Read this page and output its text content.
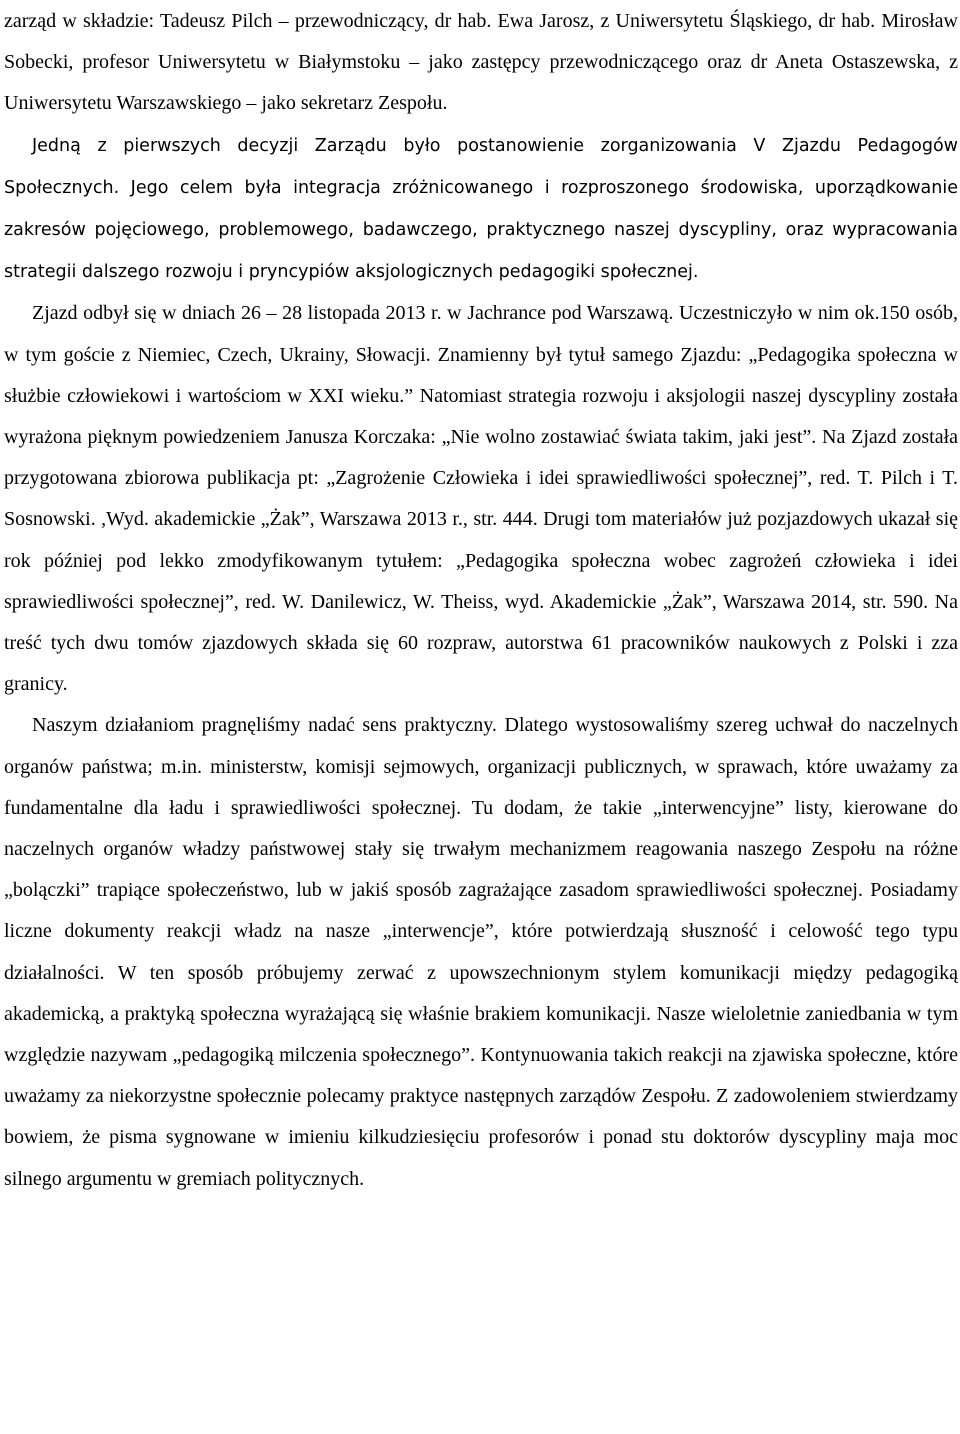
zarząd w składzie: Tadeusz Pilch – przewodniczący, dr hab. Ewa Jarosz, z Uniwersytetu Śląskiego, dr hab. Mirosław Sobecki, profesor Uniwersytetu w Białymstoku – jako zastępcy przewodniczącego oraz dr Aneta Ostaszewska, z Uniwersytetu Warszawskiego – jako sekretarz Zespołu.

Jedną z pierwszych decyzji Zarządu było postanowienie zorganizowania V Zjazdu Pedagogów Społecznych. Jego celem była integracja zróżnicowanego i rozproszonego środowiska, uporządkowanie zakresów pojęciowego, problemowego, badawczego, praktycznego naszej dyscypliny, oraz wypracowania strategii dalszego rozwoju i pryncypiów aksjologicznych pedagogiki społecznej.

Zjazd odbył się w dniach 26 – 28 listopada 2013 r. w Jachrance pod Warszawą. Uczestniczyło w nim ok.150 osób, w tym goście z Niemiec, Czech, Ukrainy, Słowacji. Znamienny był tytuł samego Zjazdu: „Pedagogika społeczna w służbie człowiekowi i wartościom w XXI wieku.” Natomiast strategia rozwoju i aksjologii naszej dyscypliny została wyrażona pięknym powiedzeniem Janusza Korczaka: „Nie wolno zostawiać świata takim, jaki jest”. Na Zjazd została przygotowana zbiorowa publikacja pt: „Zagrożenie Człowieka i idei sprawiedliwości społecznej”, red. T. Pilch i T. Sosnowski. ,Wyd. akademickie „Żak”, Warszawa 2013 r., str. 444. Drugi tom materiałów już pozjazdowych ukazał się rok później pod lekko zmodyfikowanym tytułem: „Pedagogika społeczna wobec zagrożeń człowieka i idei sprawiedliwości społecznej”, red. W. Danilewicz, W. Theiss, wyd. Akademickie „Żak”, Warszawa 2014, str. 590. Na treść tych dwu tomów zjazdowych składa się 60 rozpraw, autorstwa 61 pracowników naukowych z Polski i zza granicy.

Naszym działaniom pragnęliśmy nadać sens praktyczny. Dlatego wystosowaliśmy szereg uchwał do naczelnych organów państwa; m.in. ministerstw, komisji sejmowych, organizacji publicznych, w sprawach, które uważamy za fundamentalne dla ładu i sprawiedliwości społecznej. Tu dodam, że takie „interwencyjne” listy, kierowane do naczelnych organów władzy państwowej stały się trwałym mechanizmem reagowania naszego Zespołu na różne „bolączki” trapiące społeczeństwo, lub w jakiś sposób zagrażające zasadom sprawiedliwości społecznej. Posiadamy liczne dokumenty reakcji władz na nasze „interwencje”, które potwierdzają słuszność i celowość tego typu działalności. W ten sposób próbujemy zerwać z upowszechnionym stylem komunikacji między pedagogiką akademicką, a praktyką społeczna wyrażającą się właśnie brakiem komunikacji. Nasze wieloletnie zaniedbania w tym względzie nazywam „pedagogiką milczenia społecznego”. Kontynuowania takich reakcji na zjawiska społeczne, które uważamy za niekorzystne społecznie polecamy praktyce następnych zarządów Zespołu. Z zadowoleniem stwierdzamy bowiem, że pisma sygnowane w imieniu kilkudziesięciu profesorów i ponad stu doktorów dyscypliny maja moc silnego argumentu w gremiach politycznych.
